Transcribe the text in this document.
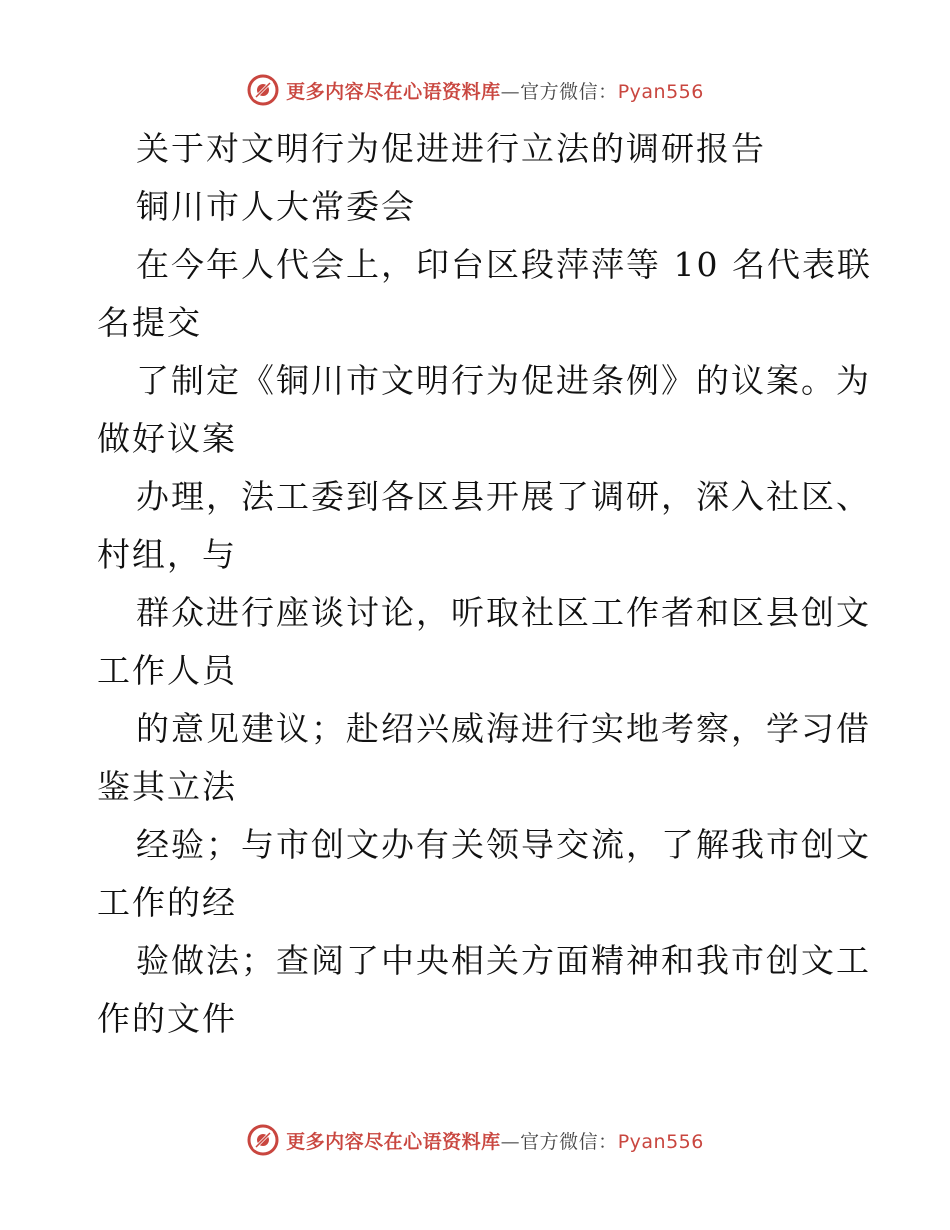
更多内容尽在心语资料库—官方微信：Pyan556
关于对文明行为促进进行立法的调研报告
铜川市人大常委会
在今年人代会上，印台区段萍萍等 10 名代表联
名提交
了制定《铜川市文明行为促进条例》的议案。为
做好议案
办理，法工委到各区县开展了调研，深入社区、
村组，与
群众进行座谈讨论，听取社区工作者和区县创文
工作人员
的意见建议；赴绍兴威海进行实地考察，学习借
鉴其立法
经验；与市创文办有关领导交流，了解我市创文
工作的经
验做法；查阅了中央相关方面精神和我市创文工
作的文件
更多内容尽在心语资料库—官方微信：Pyan556
